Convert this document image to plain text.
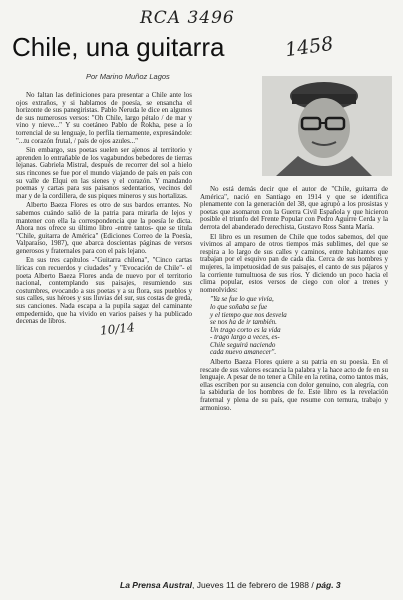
RCA 3496
Chile, una guitarra	1458
Por Marino Muñoz Lagos

No faltan las definiciones para presentar a Chile ante los ojos extraños, y si hablamos de poesía, se ensancha el horizonte de sus panegiristas. Pablo Neruda le dice en algunos de sus numerosos versos: "Oh Chile, largo pétalo / de mar y vino y nieve..." Y su coetáneo Pablo de Rokha, pese a lo torrencial de su lenguaje, lo perfila tiernamente, expresándole: "...tu corazón frutal, / país de ojos azules..."

Sin embargo, sus poetas suelen ser ajenos al territorio y aprenden lo entrañable de los vagabundos bebedores de tierras lejanas. Gabriela Mistral, después de recorrer del sol a hielo sus rincones se fue por el mundo viajando de país en país con su valle de Elqui en las sienes y el corazón. Y mandando poemas y cartas para sus paisanos sedentarios, vecinos del mar y de la cordillera, de sus piques mineros y sus hortalizas.

Alberto Baeza Flores es otro de sus bardos errantes. No sabemos cuándo salió de la patria para mirarla de lejos y mantener con ella la correspondencia que la poesía le dicta. Ahora nos ofrece su último libro -entre tantos- que se titula "Chile, guitarra de América" (Ediciones Correo de la Poesía, Valparaíso, 1987), que abarca doscientas páginas de versos generosos y fraternales para con el país lejano.

En sus tres capítulos -"Guitarra chilena", "Cinco cartas líricas con recuerdos y ciudades" y "Evocación de Chile"- el poeta Alberto Baeza Flores anda de nuevo por el territorio nacional, contemplando sus paisajes, resumiendo sus costumbres, evocando a sus poetas y a su flora, sus pueblos y sus calles, sus héroes y sus lluvias del sur, sus costas de greda, sus canciones. Nada escapa a la pupila sagaz del caminante empedernido, que ha vivido en varios países y ha publicado decenas de libros.	10/14

No está demás decir que el autor de "Chile, guitarra de América", nació en Santiago en 1914 y que se identifica plenamente con la generación del 38, que agrupó a los prosistas y poetas que asomaron con la Guerra Civil Española y que hicieron posible el triunfo del Frente Popular con Pedro Aguirre Cerda y la derrota del abanderado derechista, Gustavo Ross Santa María.

El libro es un resumen de Chile que todos sabemos, del que vivimos al amparo de otros tiempos más sublimes, del que se respira a lo largo de sus calles y caminos, entre habitantes que trabajan por el esquivo pan de cada día. Cerca de sus hombres y mujeres, la impetuosidad de sus paisajes, el canto de sus pájaros y la corriente tumultuosa de sus ríos. Y diciendo un poco hacia el clima popular, estos versos de ciego con olor a trenes y nomeolvides:

"Ya se fue lo que vivía,
lo que soñaba se fue
y el tiempo que nos desvela
se nos ha de ir también.
Un trago corto es la vida
- trago largo a veces, es-
Chile seguirá naciendo
cada nuevo amanecer".

Alberto Baeza Flores quiere a su patria en su poesía. En el rescate de sus valores escancia la palabra y la hace acto de fe en su lenguaje. A pesar de no tener a Chile en la retina, como tantos más, ellas escriben por su ausencia con dolor genuino, con alegría, con la sabiduría de los hombres de fe. Este libro es la revelación fraternal y plena de su país, que resume con ternura, trabajo y armonioso.

La Prensa Austral, Jueves 11 de febrero de 1988 / pág. 3
